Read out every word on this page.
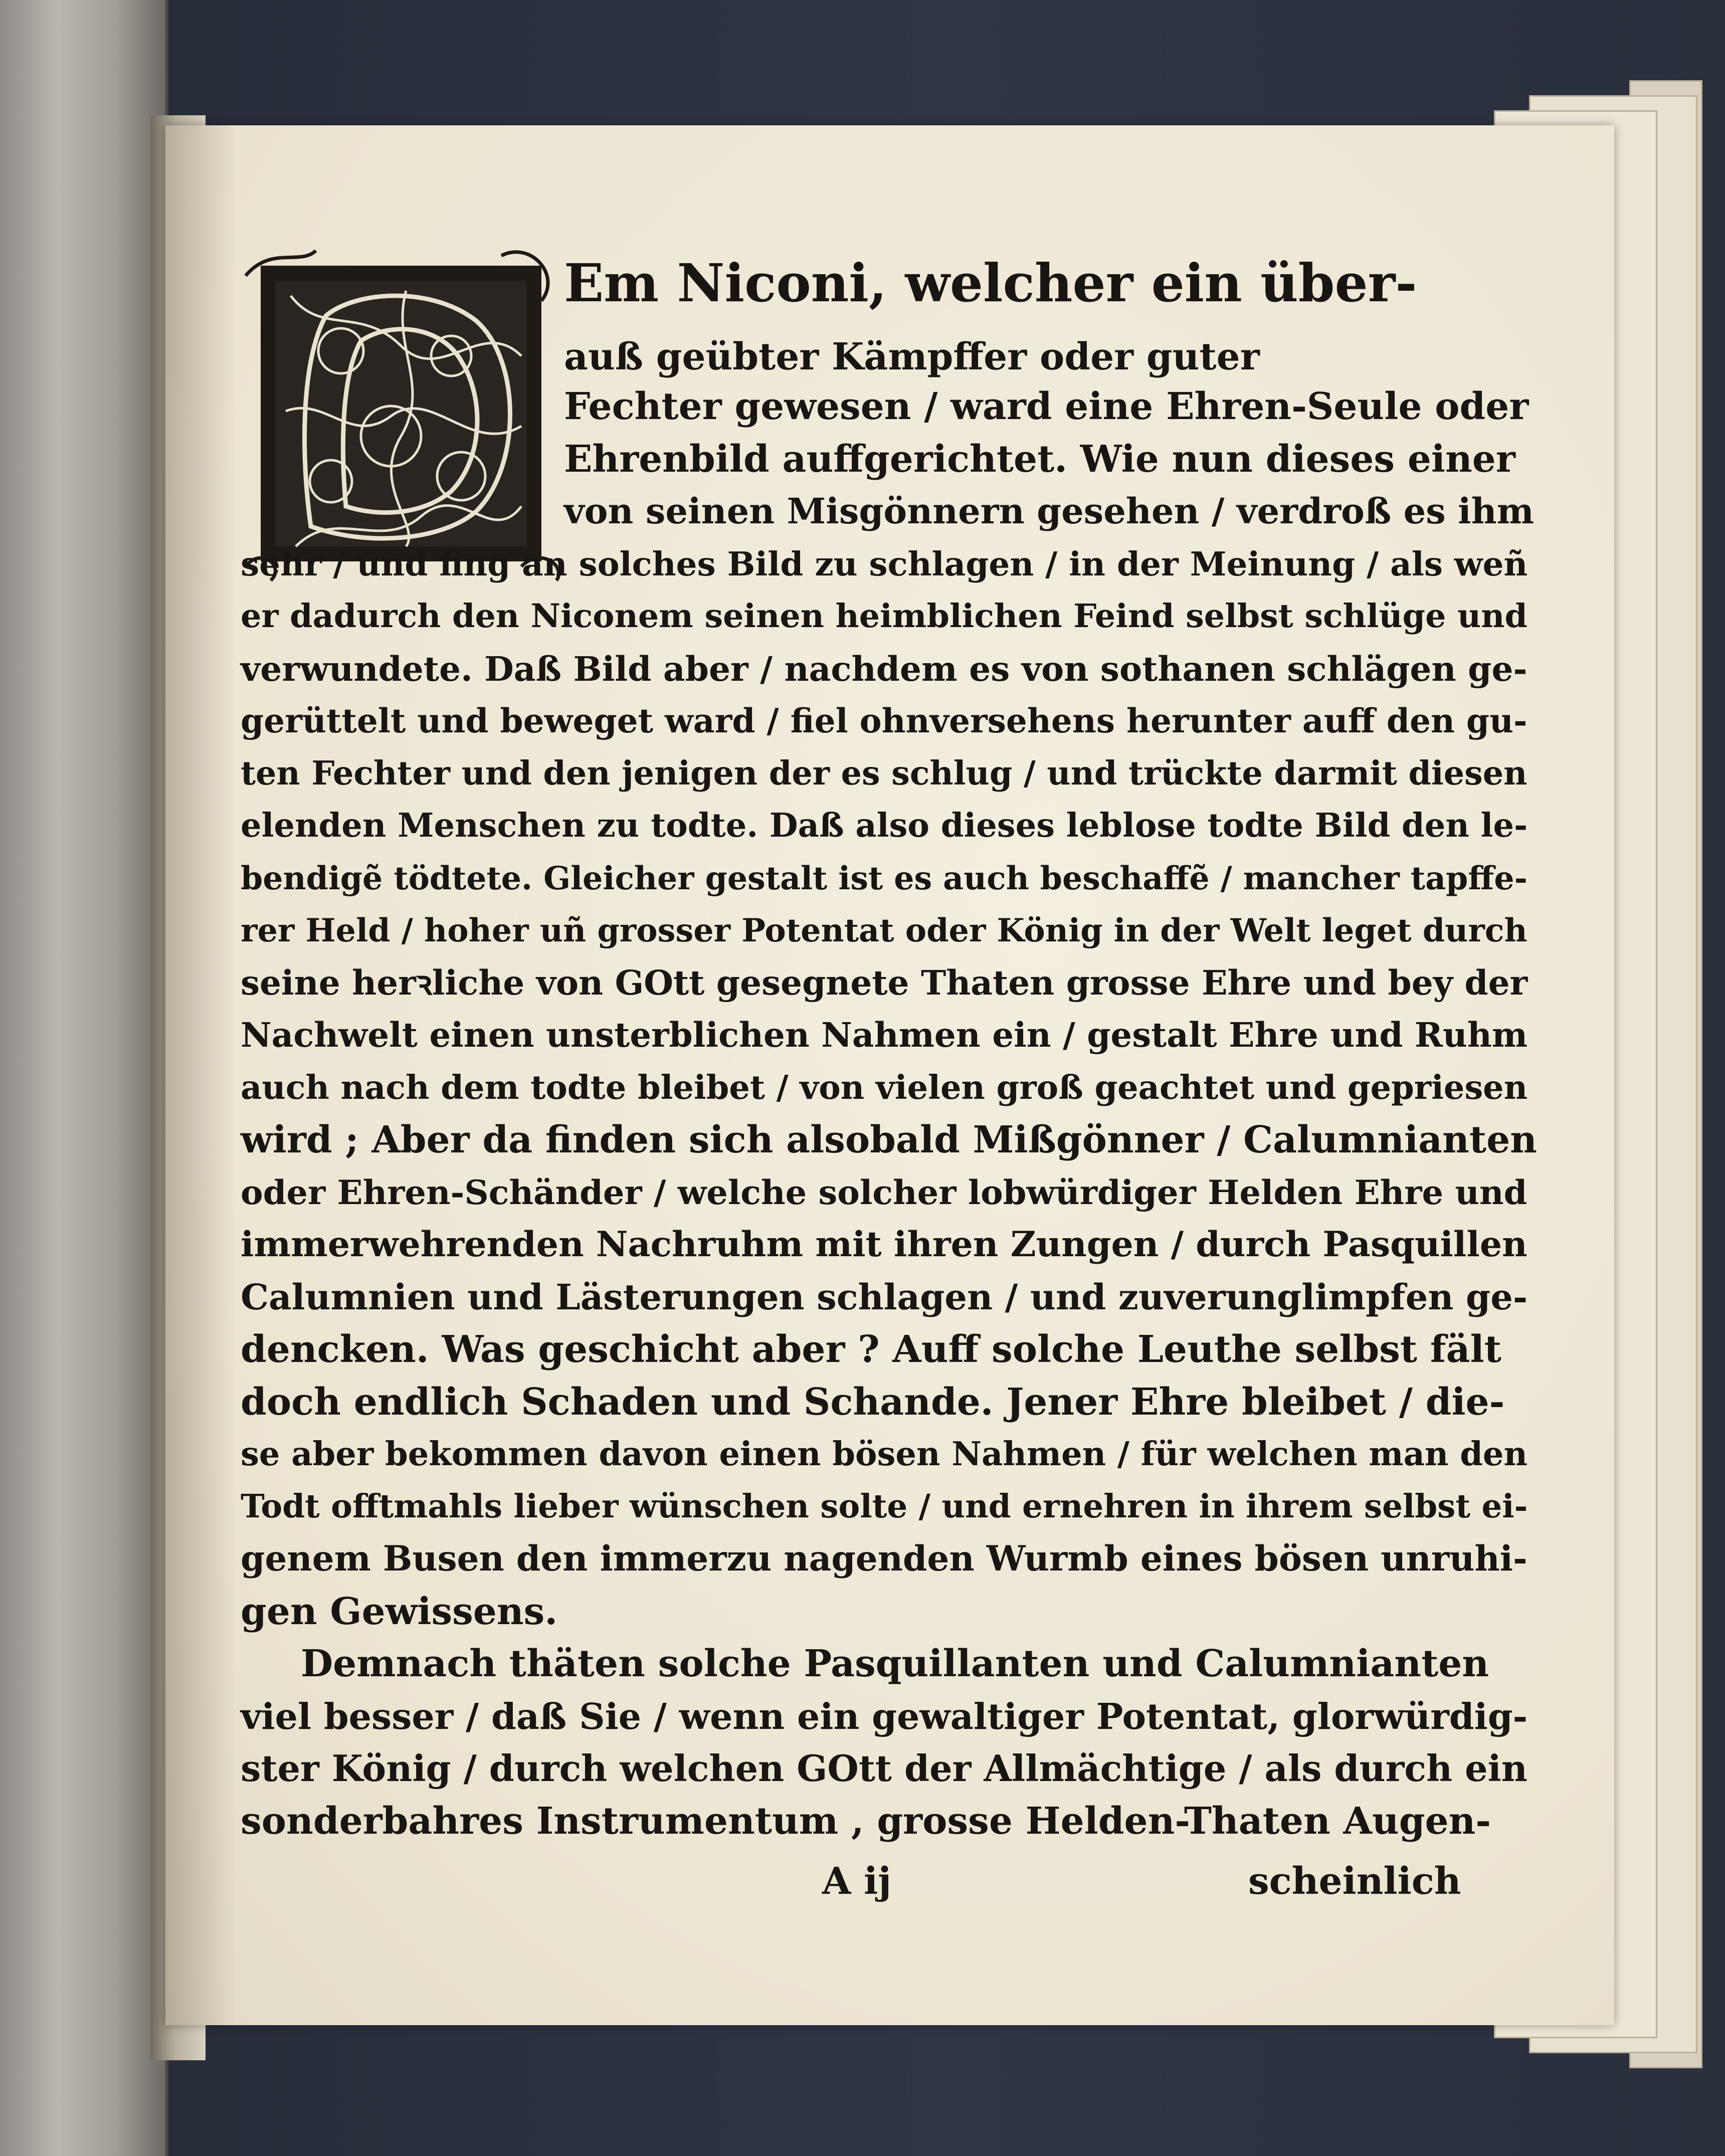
Em Niconi, welcher ein über-
auß geübter Kämpffer oder guter
Fechter gewesen / ward eine Ehren-Seule oder
Ehrenbild auffgerichtet. Wie nun dieses einer
von seinen Misgönnern gesehen / verdroß es ihm
sehr / und fing an solches Bild zu schlagen / in der Meinung / als weñ
er dadurch den Niconem seinen heimblichen Feind selbst schlüge und
verwundete. Daß Bild aber / nachdem es von sothanen schlägen ge-
gerüttelt und beweget ward / fiel ohnversehens herunter auff den gu-
ten Fechter und den jenigen der es schlug / und trückte darmit diesen
elenden Menschen zu todte. Daß also dieses leblose todte Bild den le-
bendigẽ tödtete. Gleicher gestalt ist es auch beschaffẽ / mancher tapffe-
rer Held / hoher uñ grosser Potentat oder König in der Welt leget durch
seine herꝛliche von GOtt gesegnete Thaten grosse Ehre und bey der
Nachwelt einen unsterblichen Nahmen ein / gestalt Ehre und Ruhm
auch nach dem todte bleibet / von vielen groß geachtet und gepriesen
wird ; Aber da finden sich alsobald Mißgönner / Calumnianten
oder Ehren-Schänder / welche solcher lobwürdiger Helden Ehre und
immerwehrenden Nachruhm mit ihren Zungen / durch Pasquillen
Calumnien und Lästerungen schlagen / und zuverunglimpfen ge-
dencken. Was geschicht aber ? Auff solche Leuthe selbst fält
doch endlich Schaden und Schande. Jener Ehre bleibet / die-
se aber bekommen davon einen bösen Nahmen / für welchen man den
Todt offtmahls lieber wünschen solte / und ernehren in ihrem selbst ei-
genem Busen den immerzu nagenden Wurmb eines bösen unruhi-
gen Gewissens.
Demnach thäten solche Pasquillanten und Calumnianten
viel besser / daß Sie / wenn ein gewaltiger Potentat, glorwürdig-
ster König / durch welchen GOtt der Allmächtige / als durch ein
sonderbahres Instrumentum , grosse Helden-Thaten Augen-
A ij	scheinlich
